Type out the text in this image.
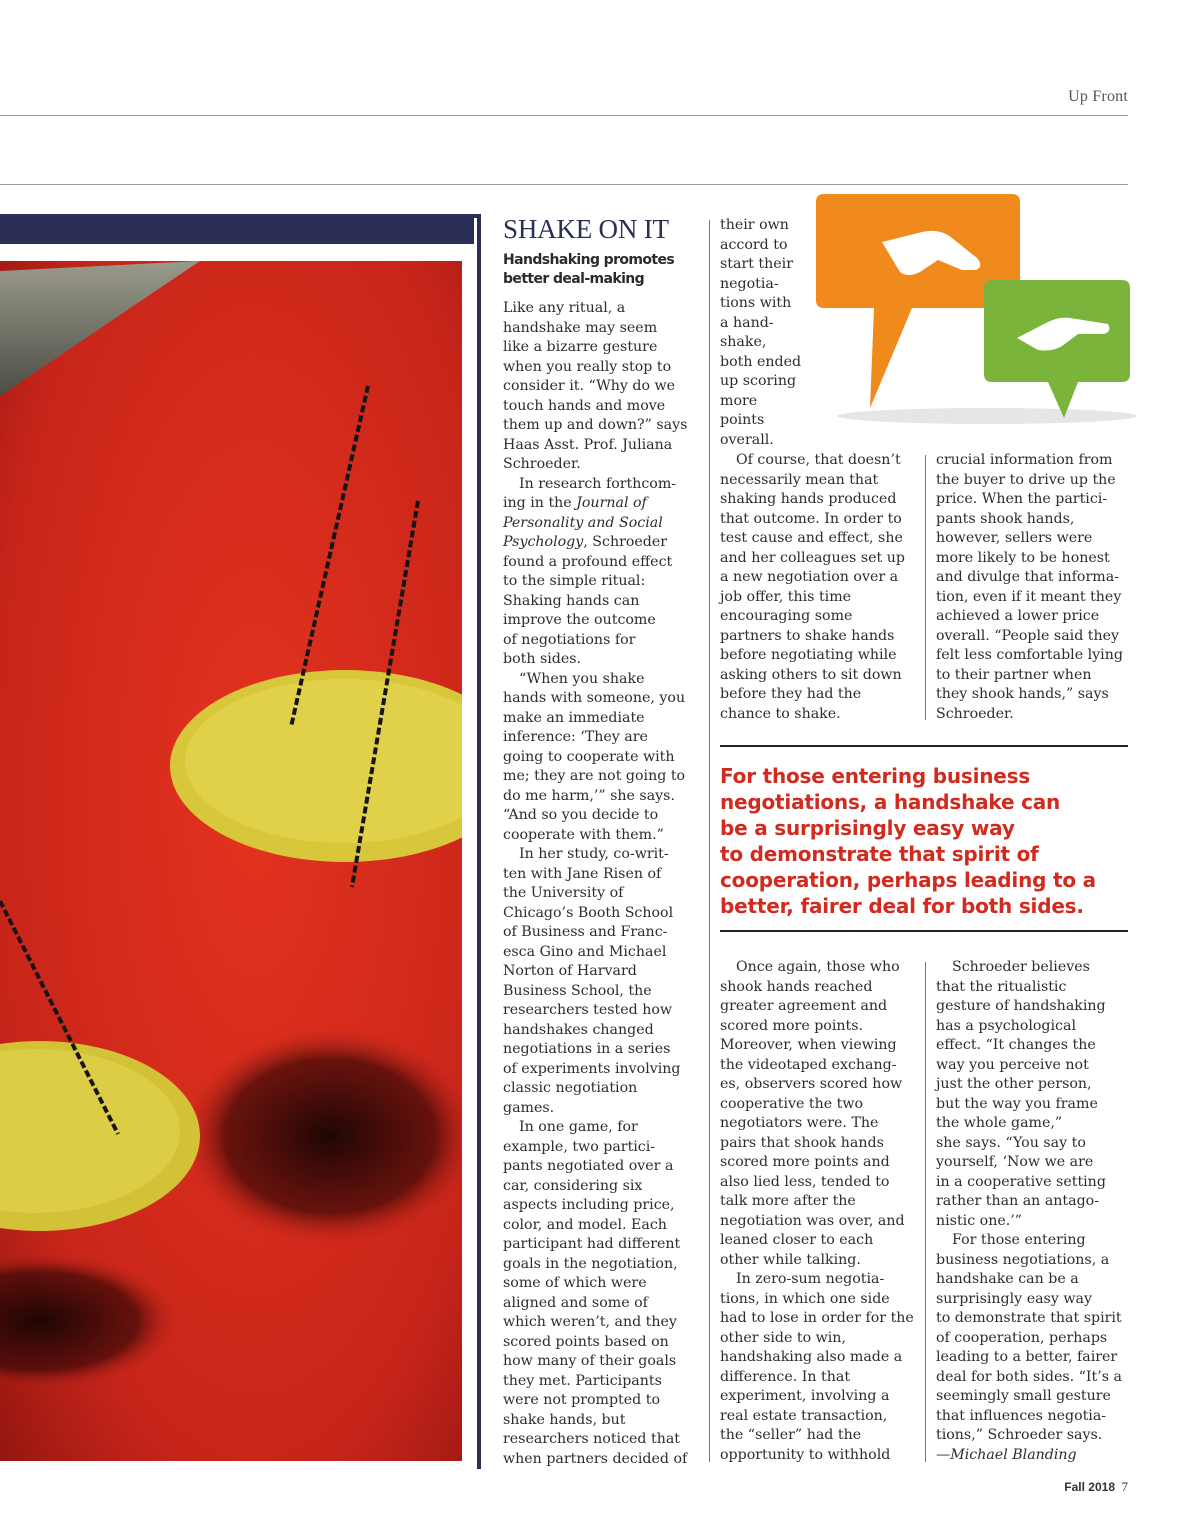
Up Front
SHAKE ON IT
Handshaking promotes better deal-making

Like any ritual, a
handshake may seem
like a bizarre gesture
when you really stop to
consider it. “Why do we
touch hands and move
them up and down?” says
Haas Asst. Prof. Juliana
Schroeder.

In research forthcom-
ing in the Journal of
Personality and Social
Psychology, Schroeder
found a profound effect
to the simple ritual:
Shaking hands can
improve the outcome
of negotiations for
both sides.

“When you shake
hands with someone, you
make an immediate
inference: ‘They are
going to cooperate with
me; they are not going to
do me harm,’” she says.
“And so you decide to
cooperate with them.”

In her study, co-writ-
ten with Jane Risen of
the University of
Chicago’s Booth School
of Business and Franc-
esca Gino and Michael
Norton of Harvard
Business School, the
researchers tested how
handshakes changed
negotiations in a series
of experiments involving
classic negotiation
games.

In one game, for
example, two partici-
pants negotiated over a
car, considering six
aspects including price,
color, and model. Each
participant had different
goals in the negotiation,
some of which were
aligned and some of
which weren’t, and they
scored points based on
how many of their goals
they met. Participants
were not prompted to
shake hands, but
researchers noticed that
when partners decided of

their own
accord to
start their
negotia-
tions with
a hand-
shake,
both ended
up scoring
more
points
overall.

Of course, that doesn’t
necessarily mean that
shaking hands produced
that outcome. In order to
test cause and effect, she
and her colleagues set up
a new negotiation over a
job offer, this time
encouraging some
partners to shake hands
before negotiating while
asking others to sit down
before they had the
chance to shake.

crucial information from
the buyer to drive up the
price. When the partici-
pants shook hands,
however, sellers were
more likely to be honest
and divulge that informa-
tion, even if it meant they
achieved a lower price
overall. “People said they
felt less comfortable lying
to their partner when
they shook hands,” says
Schroeder.

For those entering business
negotiations, a handshake can
be a surprisingly easy way
to demonstrate that spirit of
cooperation, perhaps leading to a
better, fairer deal for both sides.

Once again, those who
shook hands reached
greater agreement and
scored more points.
Moreover, when viewing
the videotaped exchang-
es, observers scored how
cooperative the two
negotiators were. The
pairs that shook hands
scored more points and
also lied less, tended to
talk more after the
negotiation was over, and
leaned closer to each
other while talking.

In zero-sum negotia-
tions, in which one side
had to lose in order for the
other side to win,
handshaking also made a
difference. In that
experiment, involving a
real estate transaction,
the “seller” had the
opportunity to withhold

Schroeder believes
that the ritualistic
gesture of handshaking
has a psychological
effect. “It changes the
way you perceive not
just the other person,
but the way you frame
the whole game,”
she says. “You say to
yourself, ‘Now we are
in a cooperative setting
rather than an antago-
nistic one.’”

For those entering
business negotiations, a
handshake can be a
surprisingly easy way
to demonstrate that spirit
of cooperation, perhaps
leading to a better, fairer
deal for both sides. “It’s a
seemingly small gesture
that influences negotia-
tions,” Schroeder says.
—Michael Blanding

Fall 2018 7
